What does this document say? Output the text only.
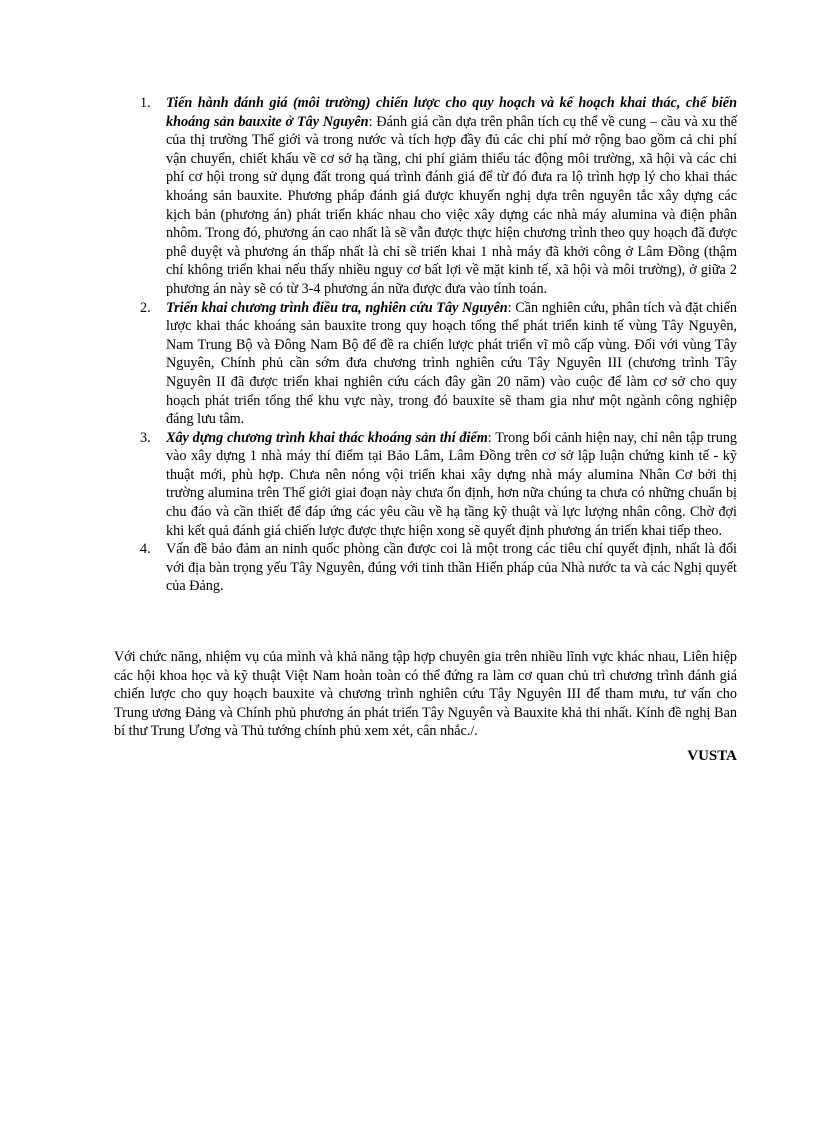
1. Tiến hành đánh giá (môi trường) chiến lược cho quy hoạch và kế hoạch khai thác, chế biến khoáng sản bauxite ở Tây Nguyên: Đánh giá cần dựa trên phân tích cụ thể về cung – cầu và xu thế của thị trường Thế giới và trong nước và tích hợp đầy đủ các chi phí mở rộng bao gồm cả chi phí vận chuyển, chiết khấu về cơ sở hạ tầng, chi phí giảm thiểu tác động môi trường, xã hội và các chi phí cơ hội trong sử dụng đất trong quá trình đánh giá để từ đó đưa ra lộ trình hợp lý cho khai thác khoáng sản bauxite. Phương pháp đánh giá được khuyến nghị dựa trên nguyên tắc xây dựng các kịch bản (phương án) phát triển khác nhau cho việc xây dựng các nhà máy alumina và điện phân nhôm. Trong đó, phương án cao nhất là sẽ vẫn được thực hiện chương trình theo quy hoạch đã được phê duyệt và phương án thấp nhất là chỉ sẽ triển khai 1 nhà máy đã khởi công ở Lâm Đồng (thậm chí không triển khai nếu thấy nhiều nguy cơ bất lợi về mặt kinh tế, xã hội và môi trường), ở giữa 2 phương án này sẽ có từ 3-4 phương án nữa được đưa vào tính toán.
2. Triển khai chương trình điều tra, nghiên cứu Tây Nguyên: Cần nghiên cứu, phân tích và đặt chiến lược khai thác khoáng sản bauxite trong quy hoạch tổng thể phát triển kinh tế vùng Tây Nguyên, Nam Trung Bộ và Đông Nam Bộ để đề ra chiến lược phát triển vĩ mô cấp vùng. Đối với vùng Tây Nguyên, Chính phủ cần sớm đưa chương trình nghiên cứu Tây Nguyên III (chương trình Tây Nguyên II đã được triển khai nghiên cứu cách đây gần 20 năm) vào cuộc để làm cơ sở cho quy hoạch phát triển tổng thể khu vực này, trong đó bauxite sẽ tham gia như một ngành công nghiệp đáng lưu tâm.
3. Xây dựng chương trình khai thác khoáng sản thí điểm: Trong bối cảnh hiện nay, chỉ nên tập trung vào xây dựng 1 nhà máy thí điểm tại Bảo Lâm, Lâm Đồng trên cơ sở lập luận chứng kinh tế - kỹ thuật mới, phù hợp. Chưa nên nóng vội triển khai xây dựng nhà máy alumina Nhân Cơ bởi thị trường alumina trên Thế giới giai đoạn này chưa ổn định, hơn nữa chúng ta chưa có những chuẩn bị chu đáo và cần thiết để đáp ứng các yêu cầu về hạ tầng kỹ thuật và lực lượng nhân công. Chờ đợi khi kết quả đánh giá chiến lược được thực hiện xong sẽ quyết định phương án triển khai tiếp theo.
4. Vấn đề bảo đảm an ninh quốc phòng cần được coi là một trong các tiêu chí quyết định, nhất là đối với địa bàn trọng yếu Tây Nguyên, đúng với tinh thần Hiến pháp của Nhà nước ta và các Nghị quyết của Đảng.

Với chức năng, nhiệm vụ của mình và khả năng tập hợp chuyên gia trên nhiều lĩnh vực khác nhau, Liên hiệp các hội khoa học và kỹ thuật Việt Nam hoàn toàn có thể đứng ra làm cơ quan chủ trì chương trình đánh giá chiến lược cho quy hoạch bauxite và chương trình nghiên cứu Tây Nguyên III để tham mưu, tư vấn cho Trung ương Đảng và Chính phủ phương án phát triển Tây Nguyên và Bauxite khả thi nhất. Kính đề nghị Ban bí thư Trung Ương và Thủ tướng chính phủ xem xét, cân nhắc./.

VUSTA
